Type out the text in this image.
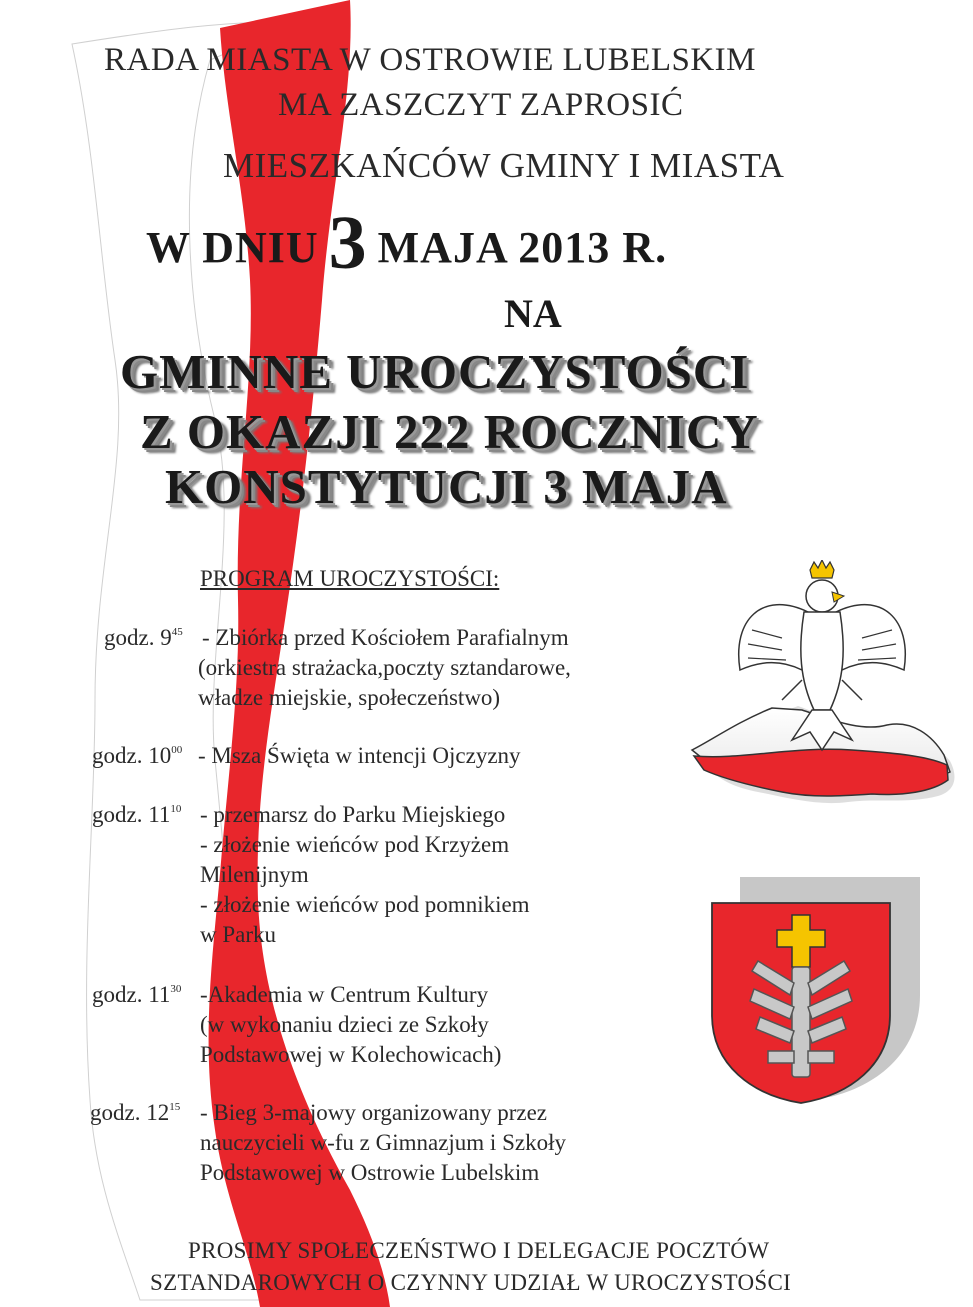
RADA MIASTA W OSTROWIE LUBELSKIM
MA ZASZCZYT ZAPROSIĆ
MIESZKAŃCÓW GMINY I MIASTA
W DNIU 3 MAJA 2013 R.
NA
GMINNE UROCZYSTOŚCI
Z OKAZJI 222 ROCZNICY
KONSTYTUCJI 3 MAJA
PROGRAM UROCZYSTOŚCI:
godz. $9^{45}$ - Zbiórka przed Kościołem Parafialnym
(orkiestra strażacka,poczty sztandarowe,
władze miejskie, społeczeństwo)
godz. $10^{00}$ - Msza Święta w intencji Ojczyzny
godz. $11^{10}$ - przemarsz do Parku Miejskiego
- złożenie wieńców pod Krzyżem
Milenijnym
- złożenie wieńców pod pomnikiem
w Parku
godz. $11^{30}$ -Akademia w Centrum Kultury
(w wykonaniu dzieci ze Szkoły
Podstawowej w Kolechowicach)
godz. $12^{15}$ - Bieg 3-majowy organizowany przez
nauczycieli w-fu z Gimnazjum i Szkoły
Podstawowej w Ostrowie Lubelskim
PROSIMY SPOŁECZEŃSTWO I DELEGACJE POCZTÓW
SZTANDAROWYCH O CZYNNY UDZIAŁ W UROCZYSTOŚCI
